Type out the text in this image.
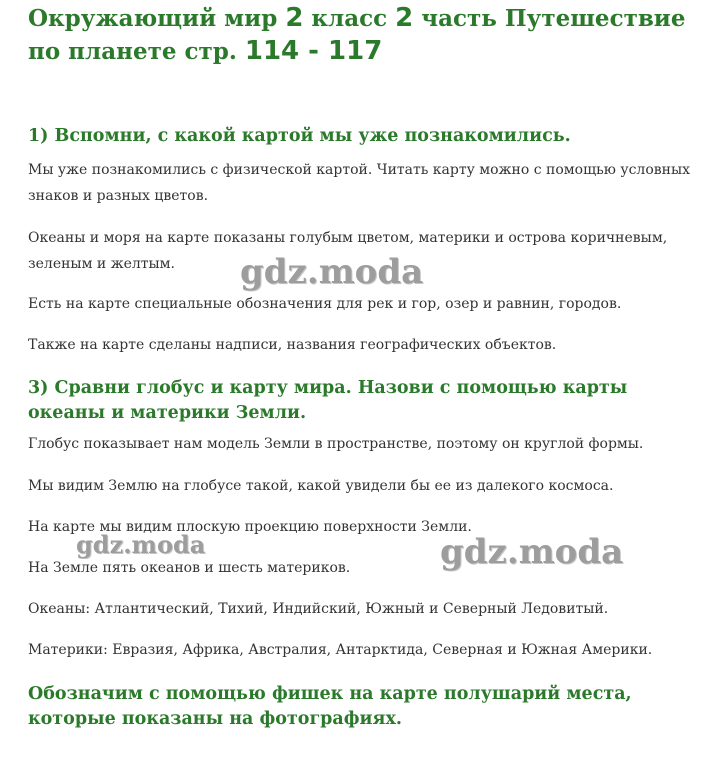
Окружающий мир 2 класс 2 часть Путешествие по планете стр. 114 - 117
1) Вспомни, с какой картой мы уже познакомились.

Мы уже познакомились с физической картой. Читать карту можно с помощью условных знаков и разных цветов.

Океаны и моря на карте показаны голубым цветом, материки и острова коричневым, зеленым и желтым.

Есть на карте специальные обозначения для рек и гор, озер и равнин, городов.

Также на карте сделаны надписи, названия географических объектов.

3) Сравни глобус и карту мира. Назови с помощью карты океаны и материки Земли.

Глобус показывает нам модель Земли в пространстве, поэтому он круглой формы.

Мы видим Землю на глобусе такой, какой увидели бы ее из далекого космоса.

На карте мы видим плоскую проекцию поверхности Земли.

На Земле пять океанов и шесть материков.

Океаны: Атлантический, Тихий, Индийский, Южный и Северный Ледовитый.

Материки: Евразия, Африка, Австралия, Антарктида, Северная и Южная Америки.

Обозначим с помощью фишек на карте полушарий места, которые показаны на фотографиях.
gdz.moda
gdz.moda	gdz.moda
